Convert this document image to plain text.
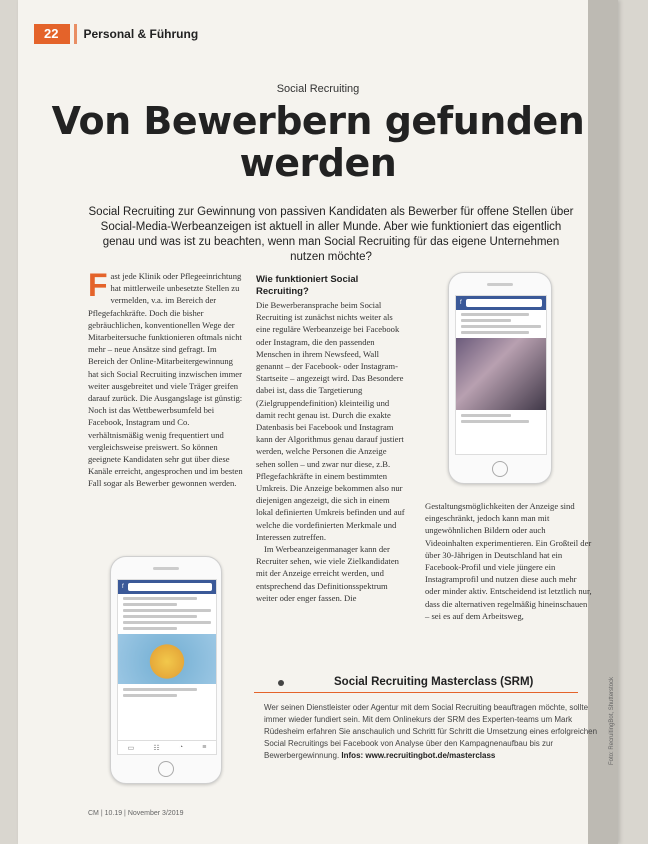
22	Personal & Führung
Social Recruiting
Von Bewerbern gefunden werden
Social Recruiting zur Gewinnung von passiven Kandidaten als Bewerber für offene Stellen über Social-Media-Werbeanzeigen ist aktuell in aller Munde. Aber wie funktioniert das eigentlich genau und was ist zu beachten, wenn man Social Recruiting für das eigene Unternehmen nutzen möchte?
F ast jede Klinik oder Pflegeeinrichtung hat mittlerweile unbesetzte Stellen zu vermelden, v.a. im Bereich der Pflegefachkräfte. Doch die bisher gebräuchlichen, konventionellen Wege der Mitarbeitersuche funktionieren oftmals nicht mehr – neue Ansätze sind gefragt. Im Bereich der Online-Mitarbeitergewinnung hat sich Social Recruiting inzwischen immer weiter ausgebreitet und viele Träger greifen darauf zurück. Die Ausgangslage ist günstig: Noch ist das Wettbewerbsumfeld bei Facebook, Instagram und Co. verhältnismäßig wenig frequentiert und vergleichsweise preiswert. So können geeignete Kandidaten sehr gut über diese Kanäle erreicht, angesprochen und im besten Fall sogar als Bewerber gewonnen werden.
Wie funktioniert Social Recruiting?

Die Bewerberansprache beim Social Recruiting ist zunächst nichts weiter als eine reguläre Werbeanzeige bei Facebook oder Instagram, die den passenden Menschen in ihrem Newsfeed, Wall genannt – der Facebook- oder Instagram-Startseite – angezeigt wird. Das Besondere dabei ist, dass die Targetierung (Zielgruppendefinition) kleinteilig und damit recht genau ist. Durch die exakte Datenbasis bei Facebook und Instagram kann der Algorithmus genau darauf justiert werden, welche Personen die Anzeige sehen sollen – und zwar nur diese, z.B. Pflegefachkräfte in einem bestimmten Umkreis. Die Anzeige bekommen also nur diejenigen angezeigt, die sich in einem lokal definierten Umkreis befinden und auf welche die vordefinierten Merkmale und Interessen zutreffen.

Im Werbeanzeigenmanager kann der Recruiter sehen, wie viele Zielkandidaten mit der Anzeige erreicht werden, und entsprechend das Definitionsspektrum weiter oder enger fassen. Die

Gestaltungsmöglichkeiten der Anzeige sind eingeschränkt, jedoch kann man mit ungewöhnlichen Bildern oder auch Videoinhalten experimentieren. Ein Großteil der über 30-Jährigen in Deutschland hat ein Facebook-Profil und viele jüngere ein Instagramprofil und nutzen diese auch mehr oder minder aktiv. Entscheidend ist letztlich nur, dass die alternativen regelmäßig hineinschauen – sei es auf dem Arbeitsweg,

f
f
▭	☷	◔	≡
Social Recruiting Masterclass (SRM)
Wer seinen Dienstleister oder Agentur mit dem Social Recruiting beauftragen möchte, sollte immer wieder fundiert sein. Mit dem Onlinekurs der SRM des Experten-teams um Mark Rüdesheim erfahren Sie anschaulich und Schritt für Schritt die Umsetzung eines erfolgreichen Social Recruitings bei Facebook von Analyse über den Kampagnenaufbau bis zur Bewerbergewinnung. Infos: www.recruitingbot.de/masterclass
CM | 10.19 | November 3/2019
Foto: RecruitingBot, Shutterstock
